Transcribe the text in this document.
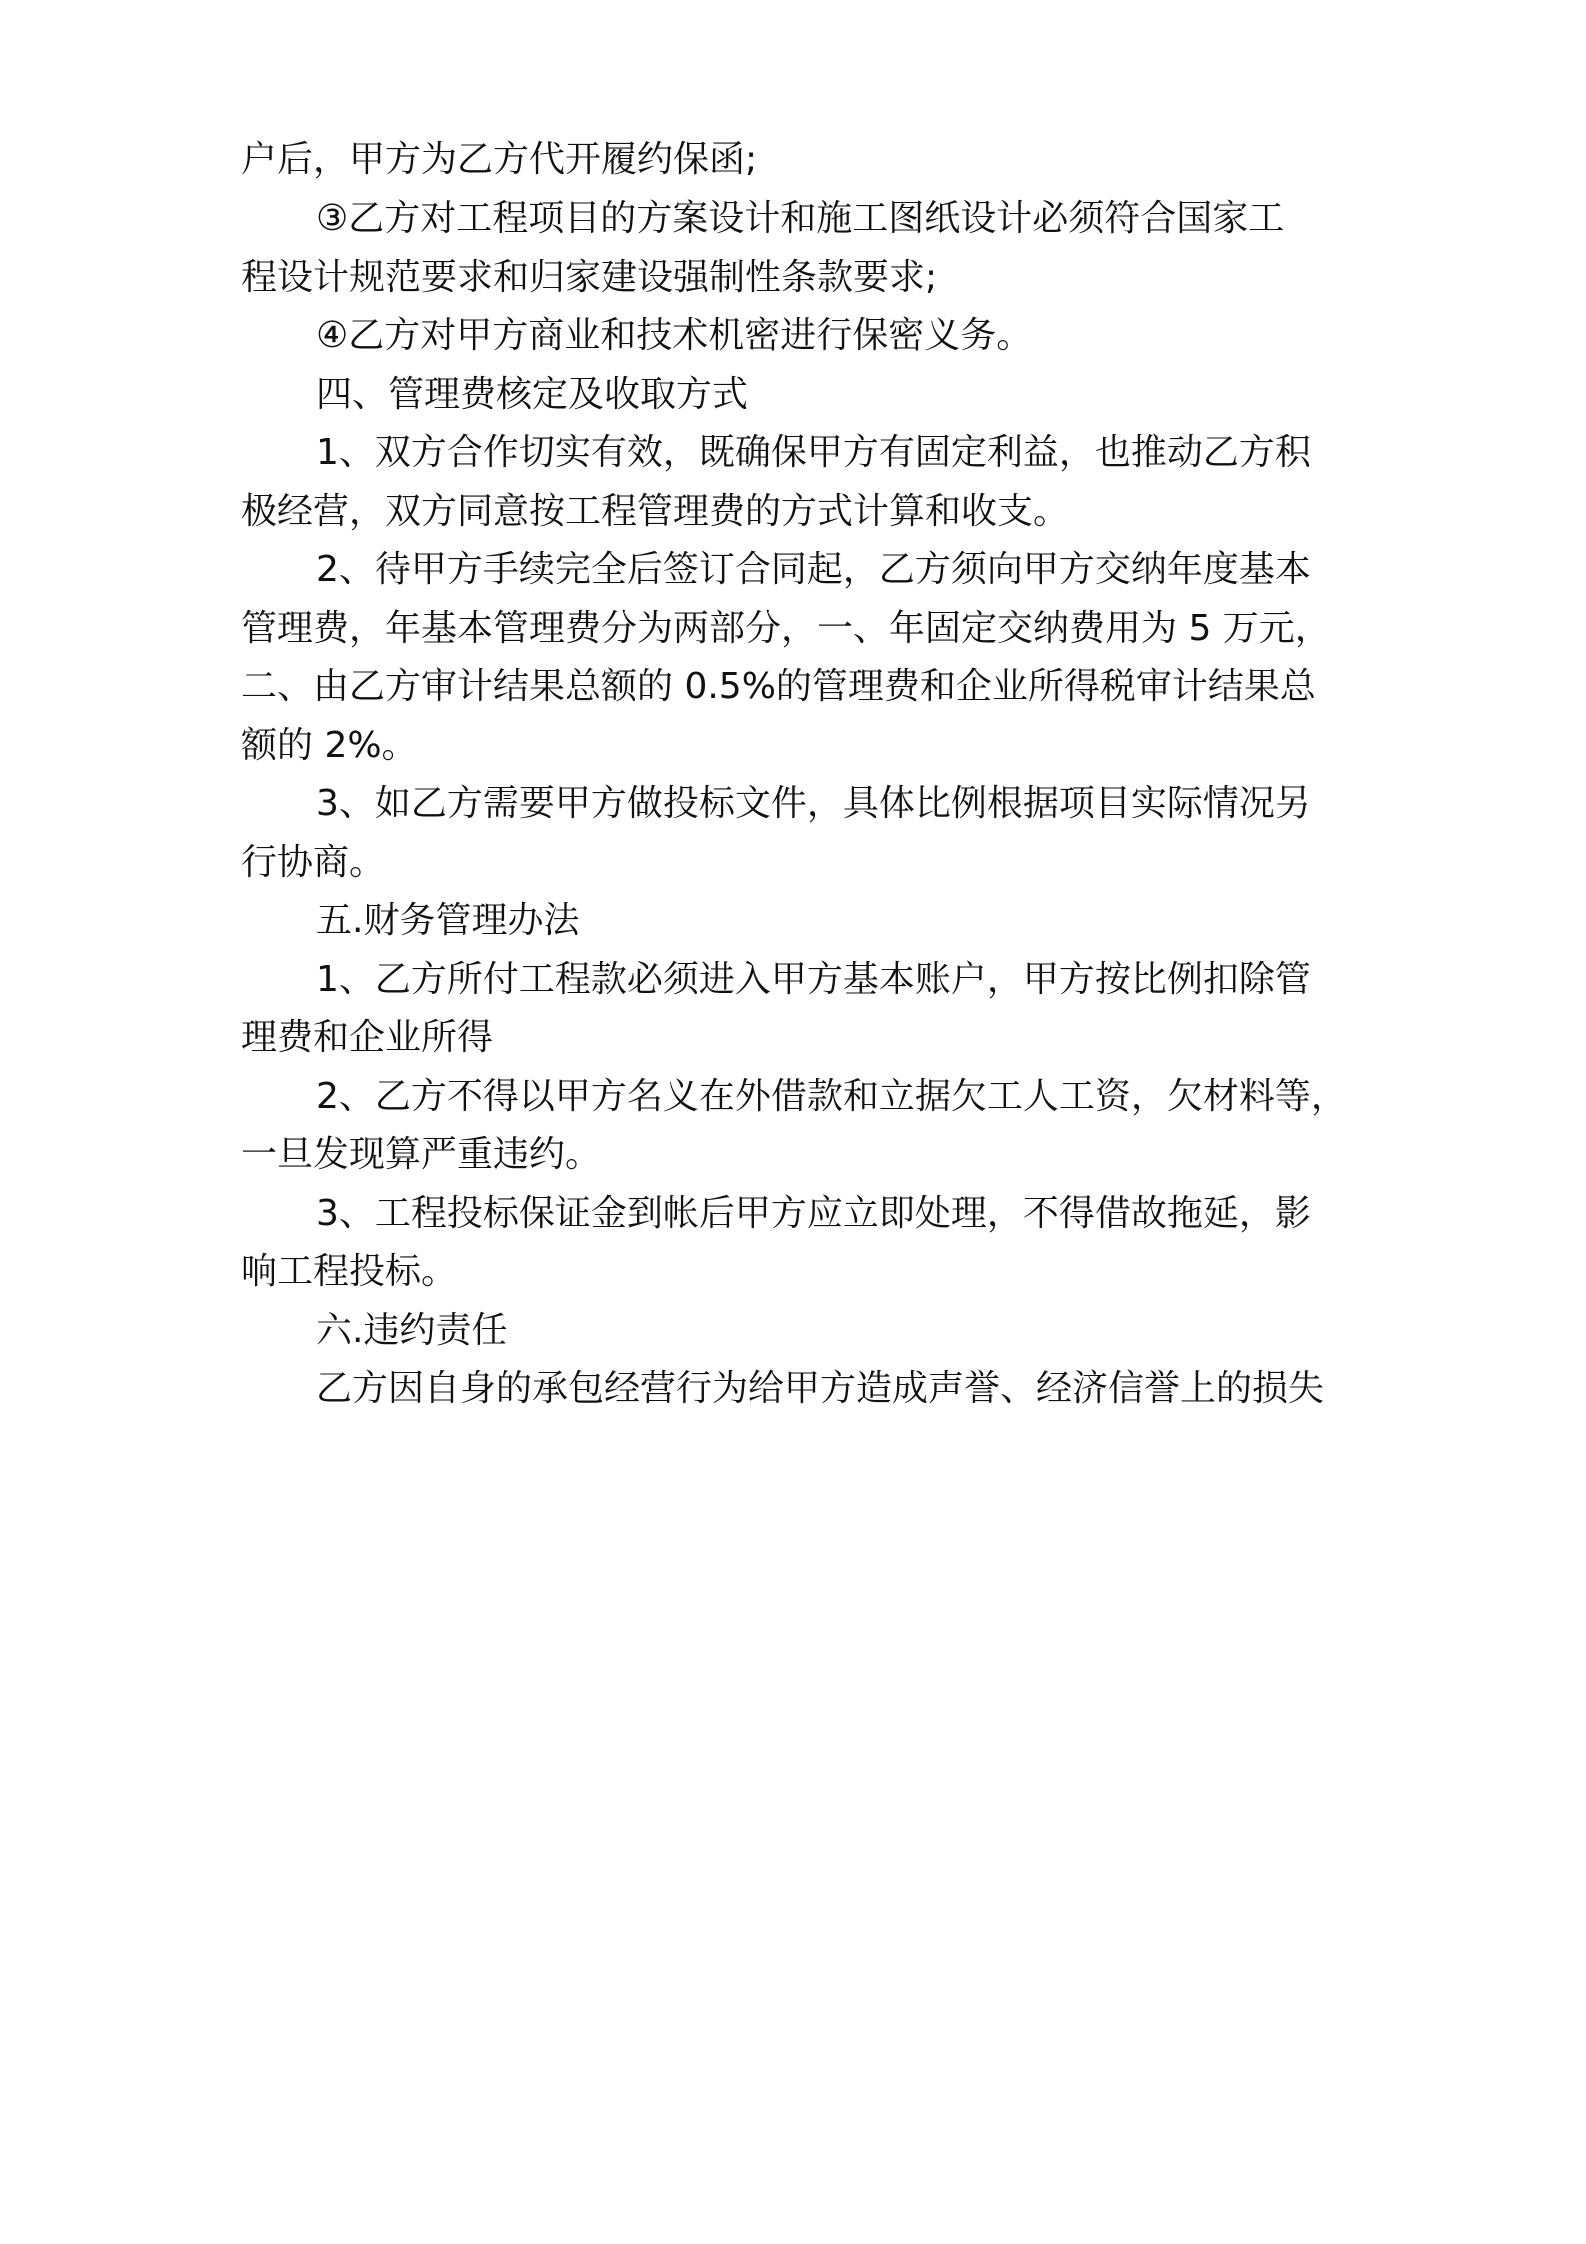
户后，甲方为乙方代开履约保函;

③乙方对工程项目的方案设计和施工图纸设计必须符合国家工

程设计规范要求和归家建设强制性条款要求;

④乙方对甲方商业和技术机密进行保密义务。

四、管理费核定及收取方式

1、双方合作切实有效，既确保甲方有固定利益，也推动乙方积

极经营，双方同意按工程管理费的方式计算和收支。

2、待甲方手续完全后签订合同起，乙方须向甲方交纳年度基本

管理费，年基本管理费分为两部分，一、年固定交纳费用为 5 万元，

二、由乙方审计结果总额的 0.5%的管理费和企业所得税审计结果总

额的 2%。

3、如乙方需要甲方做投标文件，具体比例根据项目实际情况另

行协商。

五.财务管理办法

1、乙方所付工程款必须进入甲方基本账户，甲方按比例扣除管

理费和企业所得

2、乙方不得以甲方名义在外借款和立据欠工人工资，欠材料等，

一旦发现算严重违约。

3、工程投标保证金到帐后甲方应立即处理，不得借故拖延，影

响工程投标。

六.违约责任

乙方因自身的承包经营行为给甲方造成声誉、经济信誉上的损失
